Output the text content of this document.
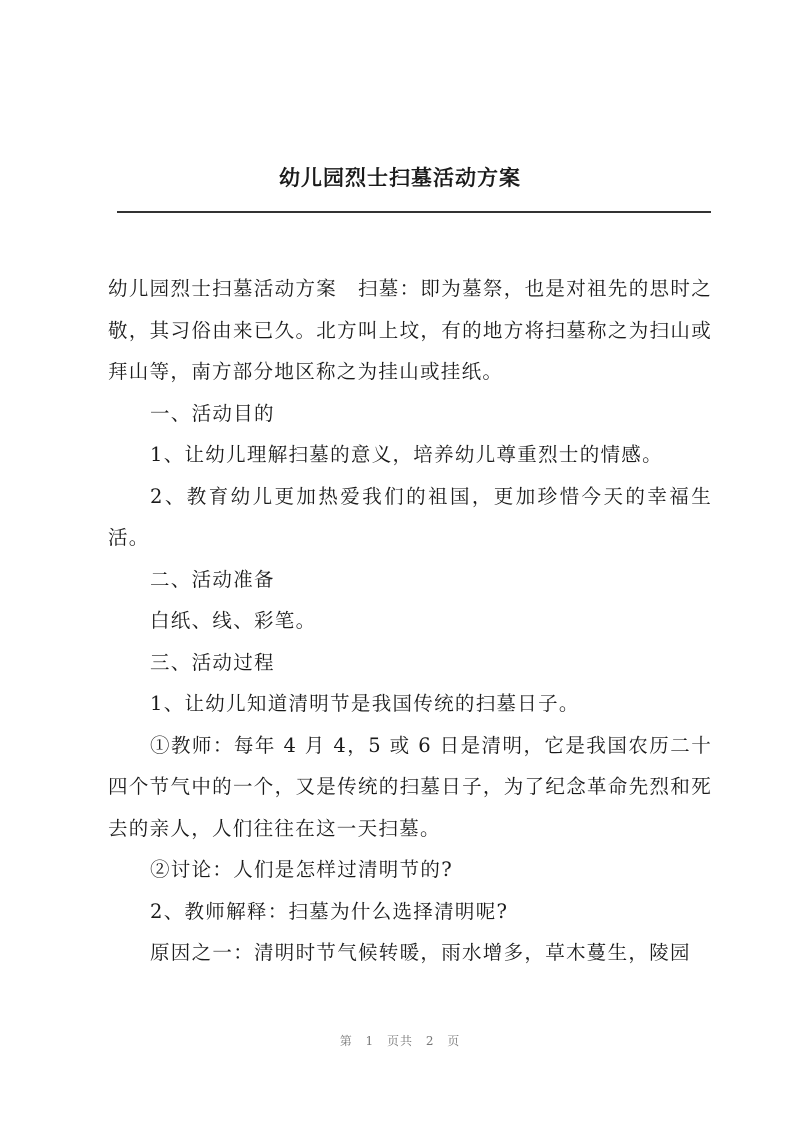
幼儿园烈士扫墓活动方案

幼儿园烈士扫墓活动方案　扫墓：即为墓祭，也是对祖先的思时之敬，其习俗由来已久。北方叫上坟，有的地方将扫墓称之为扫山或拜山等，南方部分地区称之为挂山或挂纸。

一、活动目的

1、让幼儿理解扫墓的意义，培养幼儿尊重烈士的情感。

2、教育幼儿更加热爱我们的祖国，更加珍惜今天的幸福生活。

二、活动准备

白纸、线、彩笔。

三、活动过程

1、让幼儿知道清明节是我国传统的扫墓日子。

①教师：每年 4 月 4，5 或 6 日是清明，它是我国农历二十四个节气中的一个，又是传统的扫墓日子，为了纪念革命先烈和死去的亲人，人们往往在这一天扫墓。

②讨论：人们是怎样过清明节的?

2、教师解释：扫墓为什么选择清明呢?

原因之一：清明时节气候转暖，雨水增多，草木蔓生，陵园

第 1 页共 2 页
